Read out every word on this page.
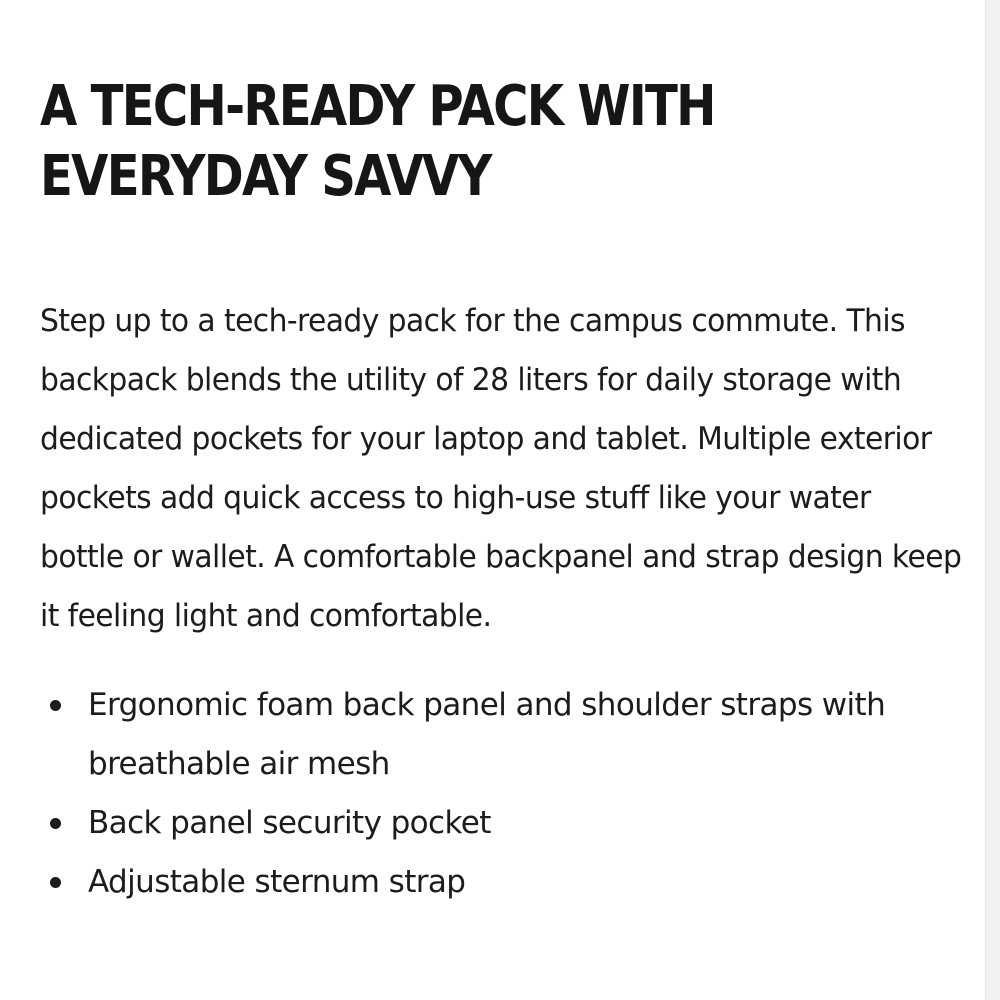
A TECH-READY PACK WITH EVERYDAY SAVVY

Step up to a tech-ready pack for the campus commute. This backpack blends the utility of 28 liters for daily storage with dedicated pockets for your laptop and tablet. Multiple exterior pockets add quick access to high-use stuff like your water bottle or wallet. A comfortable backpanel and strap design keep it feeling light and comfortable.

Ergonomic foam back panel and shoulder straps with breathable air mesh
Back panel security pocket
Adjustable sternum strap
